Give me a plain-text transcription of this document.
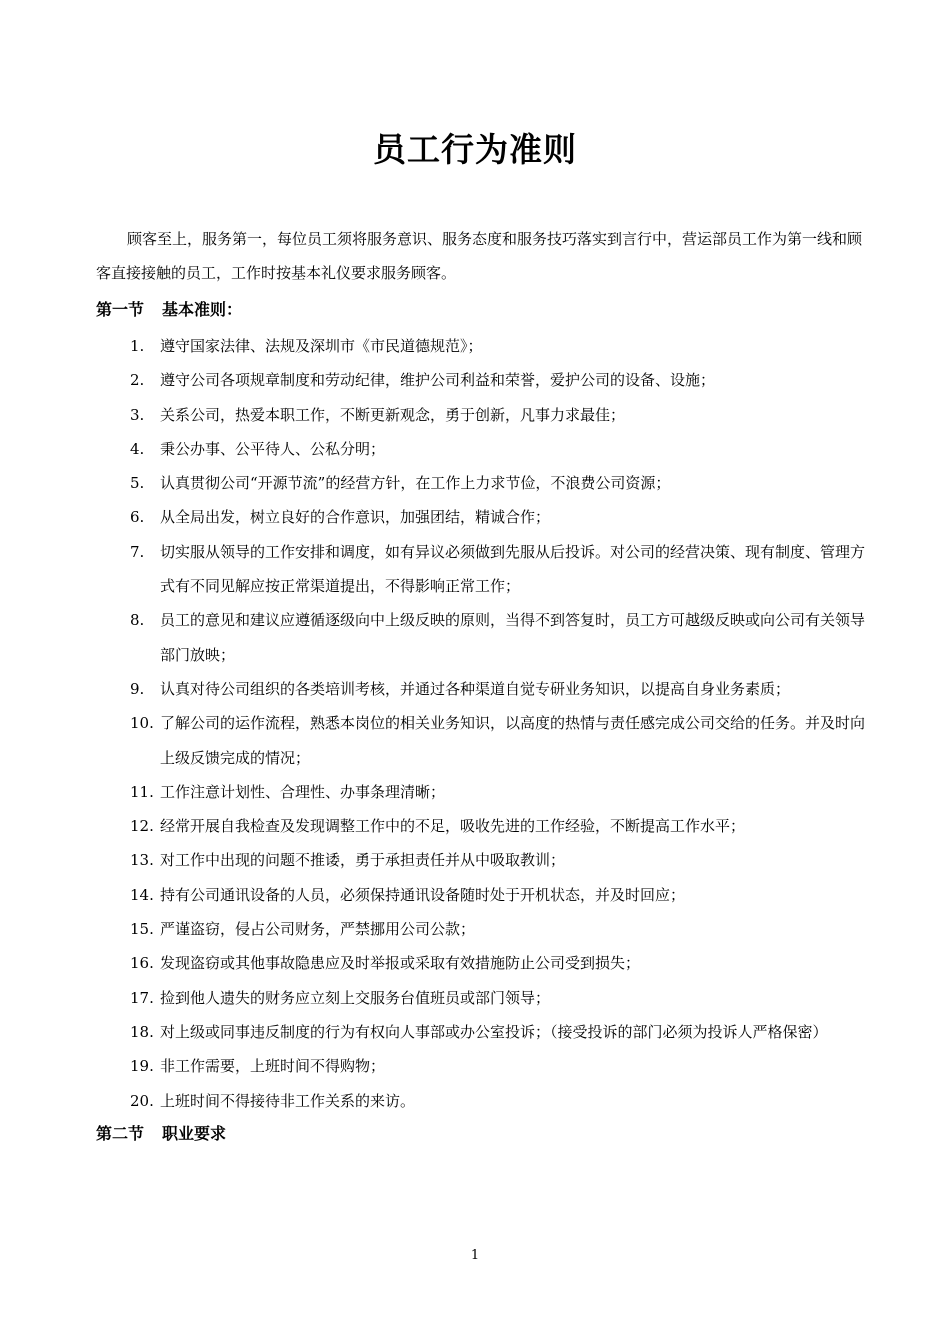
员工行为准则
顾客至上，服务第一，每位员工须将服务意识、服务态度和服务技巧落实到言行中，营运部员工作为第一线和顾客直接接触的员工，工作时按基本礼仪要求服务顾客。
第一节 基本准则：
1.	遵守国家法律、法规及深圳市《市民道德规范》；
2.	遵守公司各项规章制度和劳动纪律，维护公司利益和荣誉，爱护公司的设备、设施；
3.	关系公司，热爱本职工作，不断更新观念，勇于创新，凡事力求最佳；
4.	秉公办事、公平待人、公私分明；
5.	认真贯彻公司“开源节流”的经营方针，在工作上力求节俭，不浪费公司资源；
6.	从全局出发，树立良好的合作意识，加强团结，精诚合作；
7.	切实服从领导的工作安排和调度，如有异议必须做到先服从后投诉。对公司的经营决策、现有制度、管理方式有不同见解应按正常渠道提出，不得影响正常工作；
8.	员工的意见和建议应遵循逐级向中上级反映的原则，当得不到答复时，员工方可越级反映或向公司有关领导部门放映；
9.	认真对待公司组织的各类培训考核，并通过各种渠道自觉专研业务知识，以提高自身业务素质；
10. 了解公司的运作流程，熟悉本岗位的相关业务知识，以高度的热情与责任感完成公司交给的任务。并及时向上级反馈完成的情况；
11. 工作注意计划性、合理性、办事条理清晰；
12. 经常开展自我检查及发现调整工作中的不足，吸收先进的工作经验，不断提高工作水平；
13. 对工作中出现的问题不推诿，勇于承担责任并从中吸取教训；
14. 持有公司通讯设备的人员，必须保持通讯设备随时处于开机状态，并及时回应；
15. 严谨盗窃，侵占公司财务，严禁挪用公司公款；
16. 发现盗窃或其他事故隐患应及时举报或采取有效措施防止公司受到损失；
17. 捡到他人遗失的财务应立刻上交服务台值班员或部门领导；
18. 对上级或同事违反制度的行为有权向人事部或办公室投诉；（接受投诉的部门必须为投诉人严格保密）
19. 非工作需要，上班时间不得购物；
20. 上班时间不得接待非工作关系的来访。
第二节 职业要求
1
